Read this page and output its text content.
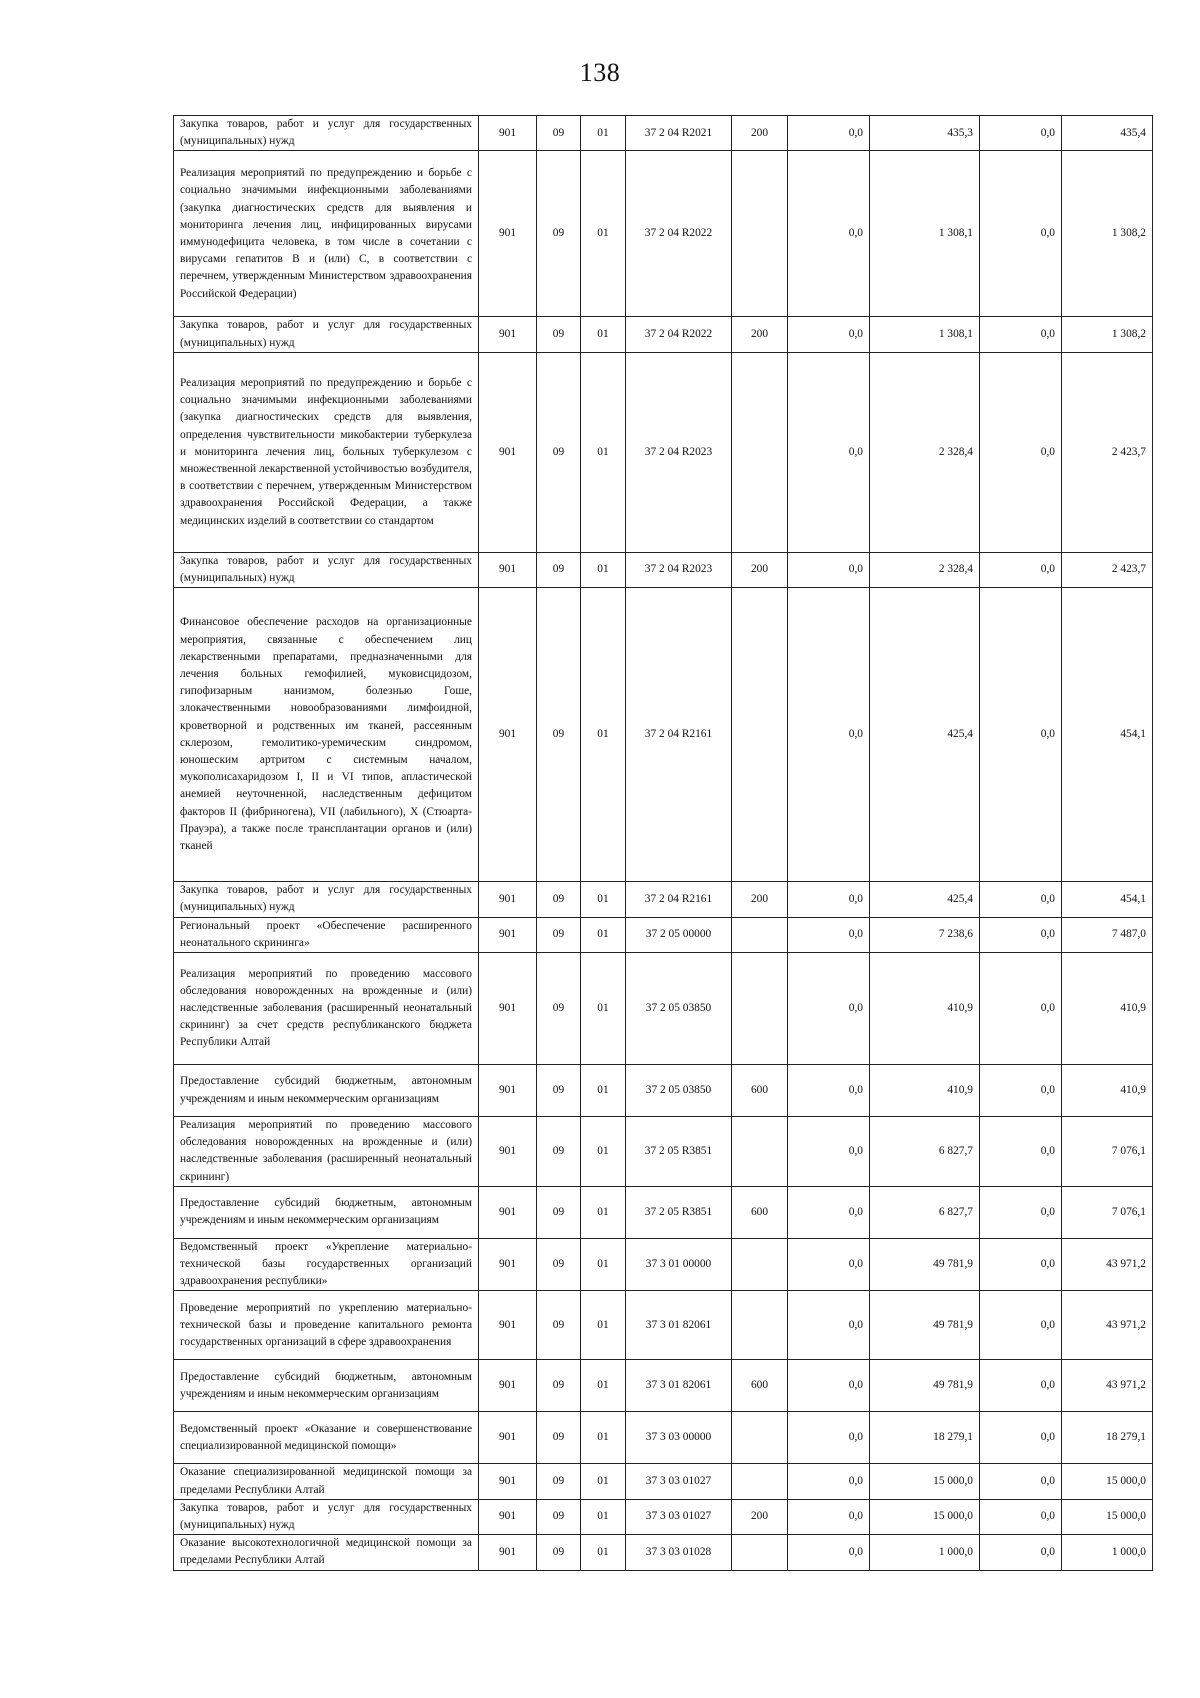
138
Закупка товаров, работ и услуг для государственных (муниципальных) нужд	901	09	01	37 2 04 R2021	200	0,0	435,3	0,0	435,4
Реализация мероприятий по предупреждению и борьбе с социально значимыми инфекционными заболеваниями (закупка диагностических средств для выявления и мониторинга лечения лиц, инфицированных вирусами иммунодефицита человека, в том числе в сочетании с вирусами гепатитов B и (или) C, в соответствии с перечнем, утвержденным Министерством здравоохранения Российской Федерации)	901	09	01	37 2 04 R2022		0,0	1 308,1	0,0	1 308,2
Закупка товаров, работ и услуг для государственных (муниципальных) нужд	901	09	01	37 2 04 R2022	200	0,0	1 308,1	0,0	1 308,2
Реализация мероприятий по предупреждению и борьбе с социально значимыми инфекционными заболеваниями (закупка диагностических средств для выявления, определения чувствительности микобактерии туберкулеза и мониторинга лечения лиц, больных туберкулезом с множественной лекарственной устойчивостью возбудителя, в соответствии с перечнем, утвержденным Министерством здравоохранения Российской Федерации, а также медицинских изделий в соответствии со стандартом	901	09	01	37 2 04 R2023		0,0	2 328,4	0,0	2 423,7
Закупка товаров, работ и услуг для государственных (муниципальных) нужд	901	09	01	37 2 04 R2023	200	0,0	2 328,4	0,0	2 423,7
Финансовое обеспечение расходов на организационные мероприятия, связанные с обеспечением лиц лекарственными препаратами, предназначенными для лечения больных гемофилией, муковисцидозом, гипофизарным нанизмом, болезнью Гоше, злокачественными новообразованиями лимфоидной, кроветворной и родственных им тканей, рассеянным склерозом, гемолитико-уремическим синдромом, юношеским артритом с системным началом, мукополисахаридозом I, II и VI типов, апластической анемией неуточненной, наследственным дефицитом факторов II (фибриногена), VII (лабильного), X (Стюарта-Прауэра), а также после трансплантации органов и (или) тканей	901	09	01	37 2 04 R2161		0,0	425,4	0,0	454,1
Закупка товаров, работ и услуг для государственных (муниципальных) нужд	901	09	01	37 2 04 R2161	200	0,0	425,4	0,0	454,1
Региональный проект «Обеспечение расширенного неонатального скрининга»	901	09	01	37 2 05 00000		0,0	7 238,6	0,0	7 487,0
Реализация мероприятий по проведению массового обследования новорожденных на врожденные и (или) наследственные заболевания (расширенный неонатальный скрининг) за счет средств республиканского бюджета Республики Алтай	901	09	01	37 2 05 03850		0,0	410,9	0,0	410,9
Предоставление субсидий бюджетным, автономным учреждениям и иным некоммерческим организациям	901	09	01	37 2 05 03850	600	0,0	410,9	0,0	410,9
Реализация мероприятий по проведению массового обследования новорожденных на врожденные и (или) наследственные заболевания (расширенный неонатальный скрининг)	901	09	01	37 2 05 R3851		0,0	6 827,7	0,0	7 076,1
Предоставление субсидий бюджетным, автономным учреждениям и иным некоммерческим организациям	901	09	01	37 2 05 R3851	600	0,0	6 827,7	0,0	7 076,1
Ведомственный проект «Укрепление материально-технической базы государственных организаций здравоохранения республики»	901	09	01	37 3 01 00000		0,0	49 781,9	0,0	43 971,2
Проведение мероприятий по укреплению материально-технической базы и проведение капитального ремонта государственных организаций в сфере здравоохранения	901	09	01	37 3 01 82061		0,0	49 781,9	0,0	43 971,2
Предоставление субсидий бюджетным, автономным учреждениям и иным некоммерческим организациям	901	09	01	37 3 01 82061	600	0,0	49 781,9	0,0	43 971,2
Ведомственный проект «Оказание и совершенствование специализированной медицинской помощи»	901	09	01	37 3 03 00000		0,0	18 279,1	0,0	18 279,1
Оказание специализированной медицинской помощи за пределами Республики Алтай	901	09	01	37 3 03 01027		0,0	15 000,0	0,0	15 000,0
Закупка товаров, работ и услуг для государственных (муниципальных) нужд	901	09	01	37 3 03 01027	200	0,0	15 000,0	0,0	15 000,0
Оказание высокотехнологичной медицинской помощи за пределами Республики Алтай	901	09	01	37 3 03 01028		0,0	1 000,0	0,0	1 000,0
